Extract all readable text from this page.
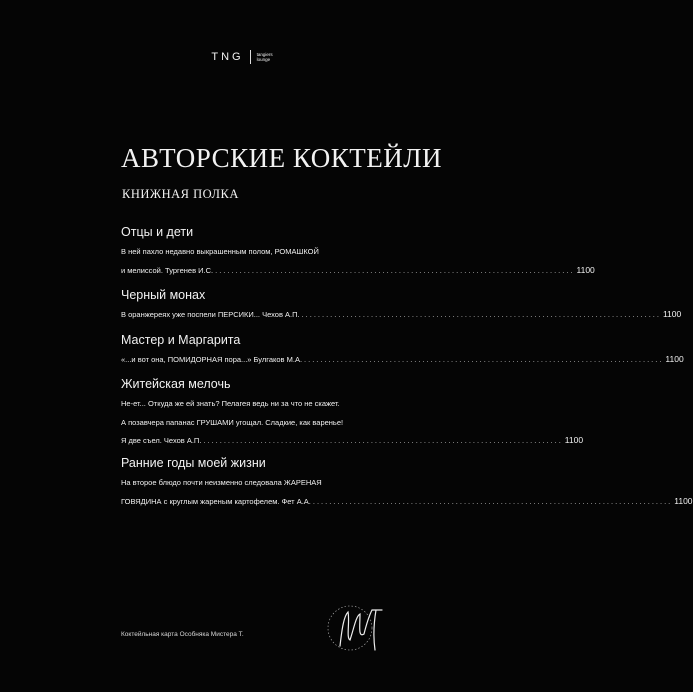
TNG	tangiers
lounge
АВТОРСКИЕ КОКТЕЙЛИ
КНИЖНАЯ ПОЛКА
Отцы и дети
В ней пахло недавно выкрашенным полом, РОМАШКОЙ
и мелиссой. Тургенев И.С. ........................................................................................ 1100
Черный монах
В оранжереях уже поспели ПЕРСИКИ... Чехов А.П. ........................................................................................ 1100
Мастер и Маргарита
«...и вот она, ПОМИДОРНАЯ пора...» Булгаков М.А. ........................................................................................ 1100
Житейская мелочь
Не-ет... Откуда же ей знать? Пелагея ведь ни за что не скажет.
А позавчера папанас ГРУШАМИ угощал. Сладкие, как варенье!
Я две съел. Чехов А.П. ........................................................................................ 1100
Ранние годы моей жизни
На второе блюдо почти неизменно следовала ЖАРЕНАЯ
ГОВЯДИНА с круглым жареным картофелем. Фет А.А. ........................................................................................ 1100
Коктейльная карта Особняка Мистера Т.
